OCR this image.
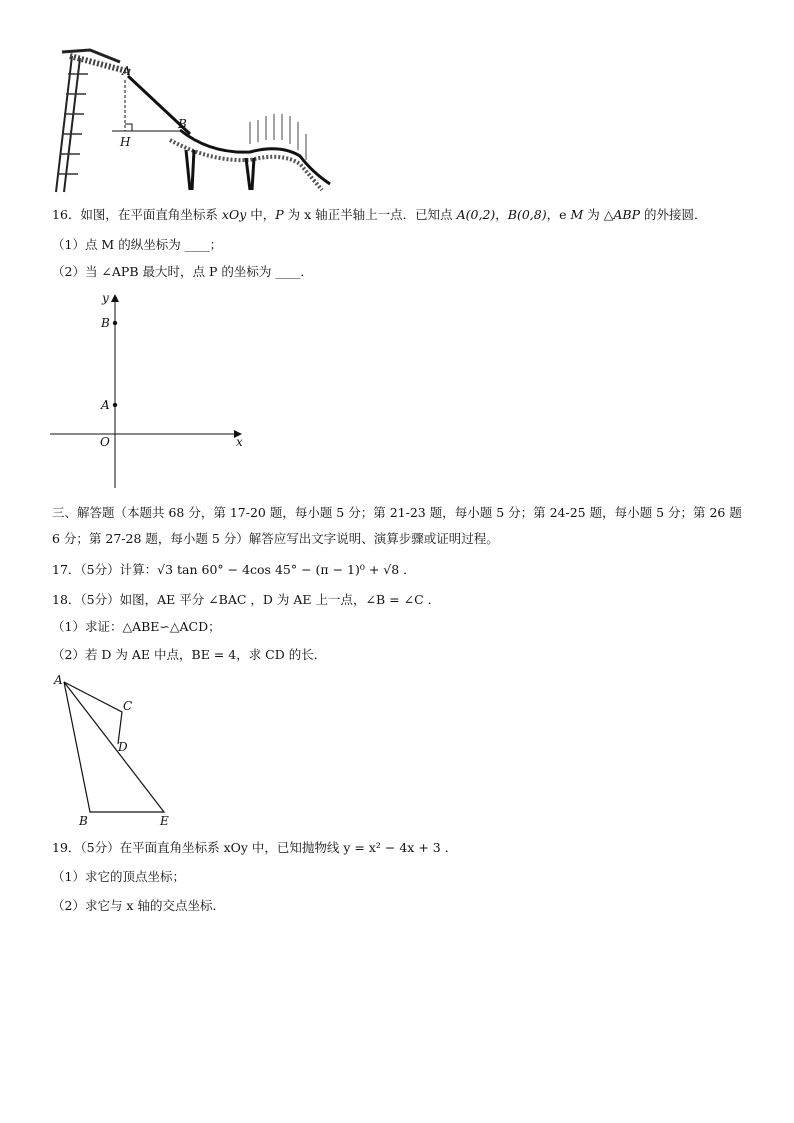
A
B
H
16．如图，在平面直角坐标系 xOy 中，P 为 x 轴正半轴上一点．已知点 A(0,2)，B(0,8)，e M 为 △ABP 的外接圆．
（1）点 M 的纵坐标为 ____；
（2）当 ∠APB 最大时，点 P 的坐标为 ____．
y
x
O
B
A
三、解答题（本题共 68 分，第 17-20 题，每小题 5 分；第 21-23 题，每小题 5 分；第 24-25 题，每小题 5 分；第 26 题 6 分；第 27-28 题，每小题 5 分）解答应写出文字说明、演算步骤或证明过程。
17．（5分）计算：√3 tan 60° − 4cos 45° − (π − 1)⁰ + √8 ．
18．（5分）如图，AE 平分 ∠BAC ，D 为 AE 上一点，∠B = ∠C ．
（1）求证：△ABE∽△ACD；
（2）若 D 为 AE 中点，BE = 4，求 CD 的长．
A
C
D
B	E
19．（5分）在平面直角坐标系 xOy 中，已知抛物线 y = x² − 4x + 3 ．
（1）求它的顶点坐标；
（2）求它与 x 轴的交点坐标．
